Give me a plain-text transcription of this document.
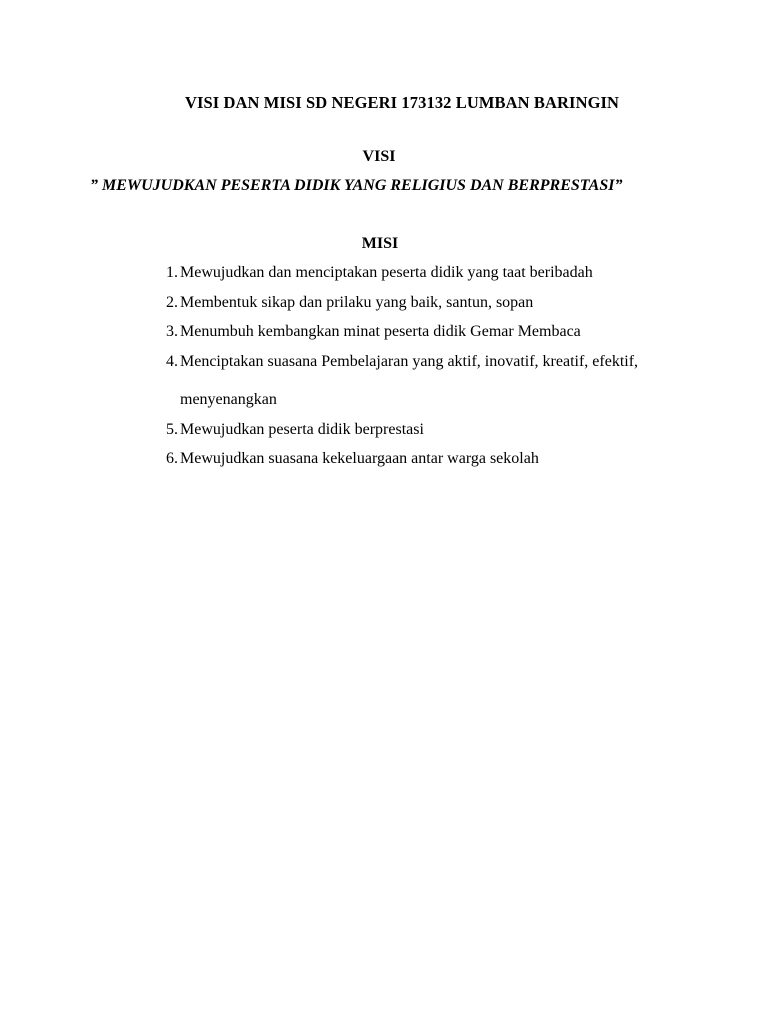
VISI DAN MISI SD NEGERI 173132 LUMBAN BARINGIN
VISI
” MEWUJUDKAN PESERTA DIDIK YANG RELIGIUS DAN BERPRESTASI”
MISI
1. Mewujudkan dan menciptakan peserta didik yang taat beribadah
2. Membentuk sikap dan prilaku yang baik, santun, sopan
3. Menumbuh kembangkan minat peserta didik Gemar Membaca
4. Menciptakan suasana Pembelajaran yang aktif, inovatif, kreatif, efektif, menyenangkan
5. Mewujudkan peserta didik berprestasi
6. Mewujudkan suasana kekeluargaan antar warga sekolah
